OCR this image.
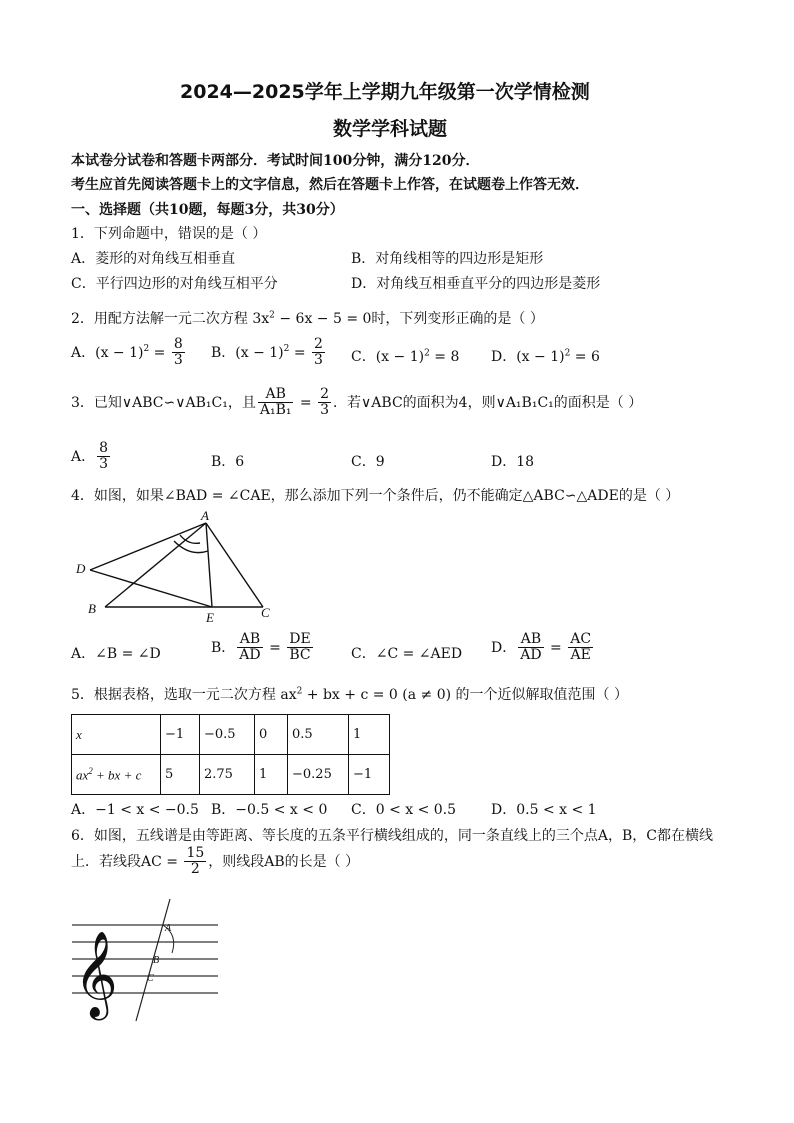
2024—2025学年上学期九年级第一次学情检测
数学学科试题
本试卷分试卷和答题卡两部分．考试时间100分钟，满分120分．
考生应首先阅读答题卡上的文字信息，然后在答题卡上作答，在试题卷上作答无效．
一、选择题（共10题，每题3分，共30分）
1．下列命题中，错误的是（ ）
A．菱形的对角线互相垂直	B．对角线相等的四边形是矩形
C．平行四边形的对角线互相平分	D．对角线互相垂直平分的四边形是菱形
2．用配方法解一元二次方程 $3x^2 - 6x - 5 = 0$时，下列变形正确的是（ ）
A．$(x - 1)^2 = \frac{8}{3}$ B．$(x - 1)^2 = \frac{2}{3}$ C．$(x - 1)^2 = 8$ D．$(x - 1)^2 = 6$
3．已知∨ABC∽∨AB₁C₁，且 $\frac{AB}{\text{A₁B₁}} = \frac{2}{3}$ ．若∨ABC的面积为4，则∨A₁B₁C₁的面积是（ ）
A． $\frac{8}{3}$	B．6	C．9	D．18
4．如图，如果∠BAD = ∠CAE，那么添加下列一个条件后，仍不能确定△ABC∽△ADE的是（ ）
A
B	C
D
E
A．∠B = ∠D	B． $\frac{AB}{AD} = \frac{DE}{BC}$	C．∠C = ∠AED D． $\frac{AB}{AD} = \frac{AC}{AE}$
5．根据表格，选取一元二次方程 $ax^2$ + bx + c = 0 (a ≠ 0) 的一个近似解取值范围（ ）
x	−1	−0.5	0	0.5	1
$ax^2$ + bx + c	5	2.75	1	−0.25	−1
A．−1 < x < −0.5 B．−0.5 < x < 0 C．0 < x < 0.5 D．0.5 < x < 1
6．如图，五线谱是由等距离、等长度的五条平行横线组成的，同一条直线上的三个点A，B，C都在横线
上．若线段AC = $\frac{15}{2}$ ，则线段AB的长是（ ）
𝄞
A
B
C
